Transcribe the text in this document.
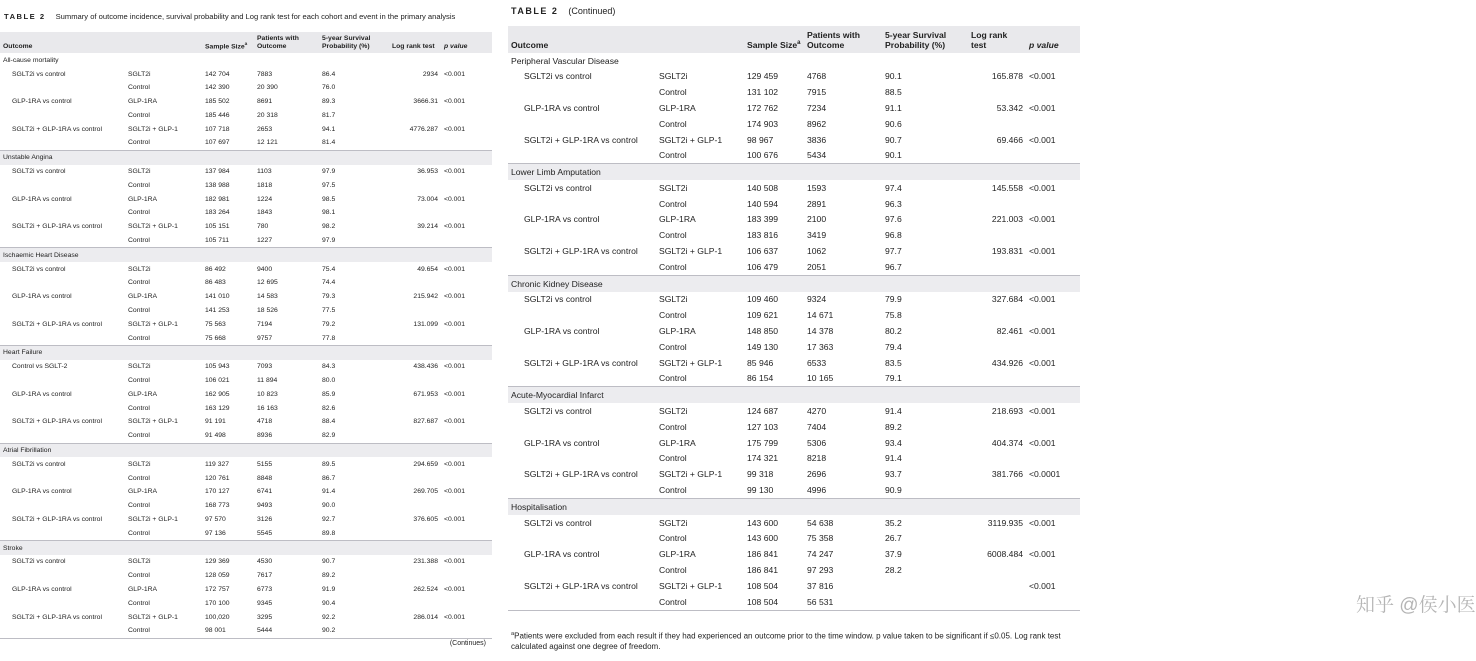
TABLE 2 Summary of outcome incidence, survival probability and Log rank test for each cohort and event in the primary analysis
Outcome		Sample Size$^a$	Patients with Outcome	5-year Survival Probability (%)	Log rank test	p value
All-cause mortality						
SGLT2i vs control	SGLT2i	142 704	7883	86.4	2934	<0.001
	Control	142 390	20 390	76.0		
GLP-1RA vs control	GLP-1RA	185 502	8691	89.3	3666.31	<0.001
	Control	185 446	20 318	81.7		
SGLT2i + GLP-1RA vs control	SGLT2i + GLP-1	107 718	2653	94.1	4776.287	<0.001
	Control	107 697	12 121	81.4		
Unstable Angina						
SGLT2i vs control	SGLT2i	137 984	1103	97.9	36.953	<0.001
	Control	138 988	1818	97.5		
GLP-1RA vs control	GLP-1RA	182 981	1224	98.5	73.004	<0.001
	Control	183 264	1843	98.1		
SGLT2i + GLP-1RA vs control	SGLT2i + GLP-1	105 151	780	98.2	39.214	<0.001
	Control	105 711	1227	97.9		
Ischaemic Heart Disease						
SGLT2i vs control	SGLT2i	86 492	9400	75.4	49.654	<0.001
	Control	86 483	12 695	74.4		
GLP-1RA vs control	GLP-1RA	141 010	14 583	79.3	215.942	<0.001
	Control	141 253	18 526	77.5		
SGLT2i + GLP-1RA vs control	SGLT2i + GLP-1	75 563	7194	79.2	131.099	<0.001
	Control	75 668	9757	77.8		
Heart Failure						
Control vs SGLT-2	SGLT2i	105 943	7093	84.3	438.436	<0.001
	Control	106 021	11 894	80.0		
GLP-1RA vs control	GLP-1RA	162 905	10 823	85.9	671.953	<0.001
	Control	163 129	16 163	82.6		
SGLT2i + GLP-1RA vs control	SGLT2i + GLP-1	91 191	4718	88.4	827.687	<0.001
	Control	91 498	8936	82.9		
Atrial Fibrillation						
SGLT2i vs control	SGLT2i	119 327	5155	89.5	294.659	<0.001
	Control	120 761	8848	86.7		
GLP-1RA vs control	GLP-1RA	170 127	6741	91.4	269.705	<0.001
	Control	168 773	9493	90.0		
SGLT2i + GLP-1RA vs control	SGLT2i + GLP-1	97 570	3126	92.7	376.605	<0.001
	Control	97 136	5545	89.8		
Stroke						
SGLT2i vs control	SGLT2i	129 369	4530	90.7	231.388	<0.001
	Control	128 059	7617	89.2		
GLP-1RA vs control	GLP-1RA	172 757	6773	91.9	262.524	<0.001
	Control	170 100	9345	90.4		
SGLT2i + GLP-1RA vs control	SGLT2i + GLP-1	100,020	3295	92.2	286.014	<0.001
	Control	98 001	5444	90.2		
(Continues)
TABLE 2 (Continued)
Outcome		Sample Size$^a$	Patients with Outcome	5-year Survival Probability (%)	Log rank test	p value
Peripheral Vascular Disease						
SGLT2i vs control	SGLT2i	129 459	4768	90.1	165.878	<0.001
	Control	131 102	7915	88.5		
GLP-1RA vs control	GLP-1RA	172 762	7234	91.1	53.342	<0.001
	Control	174 903	8962	90.6		
SGLT2i + GLP-1RA vs control	SGLT2i + GLP-1	98 967	3836	90.7	69.466	<0.001
	Control	100 676	5434	90.1		
Lower Limb Amputation						
SGLT2i vs control	SGLT2i	140 508	1593	97.4	145.558	<0.001
	Control	140 594	2891	96.3		
GLP-1RA vs control	GLP-1RA	183 399	2100	97.6	221.003	<0.001
	Control	183 816	3419	96.8		
SGLT2i + GLP-1RA vs control	SGLT2i + GLP-1	106 637	1062	97.7	193.831	<0.001
	Control	106 479	2051	96.7		
Chronic Kidney Disease						
SGLT2i vs control	SGLT2i	109 460	9324	79.9	327.684	<0.001
	Control	109 621	14 671	75.8		
GLP-1RA vs control	GLP-1RA	148 850	14 378	80.2	82.461	<0.001
	Control	149 130	17 363	79.4		
SGLT2i + GLP-1RA vs control	SGLT2i + GLP-1	85 946	6533	83.5	434.926	<0.001
	Control	86 154	10 165	79.1		
Acute-Myocardial Infarct						
SGLT2i vs control	SGLT2i	124 687	4270	91.4	218.693	<0.001
	Control	127 103	7404	89.2		
GLP-1RA vs control	GLP-1RA	175 799	5306	93.4	404.374	<0.001
	Control	174 321	8218	91.4		
SGLT2i + GLP-1RA vs control	SGLT2i + GLP-1	99 318	2696	93.7	381.766	<0.0001
	Control	99 130	4996	90.9		
Hospitalisation						
SGLT2i vs control	SGLT2i	143 600	54 638	35.2	3119.935	<0.001
	Control	143 600	75 358	26.7		
GLP-1RA vs control	GLP-1RA	186 841	74 247	37.9	6008.484	<0.001
	Control	186 841	97 293	28.2		
SGLT2i + GLP-1RA vs control	SGLT2i + GLP-1	108 504	37 816			<0.001
	Control	108 504	56 531			
$^a$Patients were excluded from each result if they had experienced an outcome prior to the time window. p value taken to be significant if ≤0.05. Log rank test calculated against one degree of freedom.
知乎 @侯小医
